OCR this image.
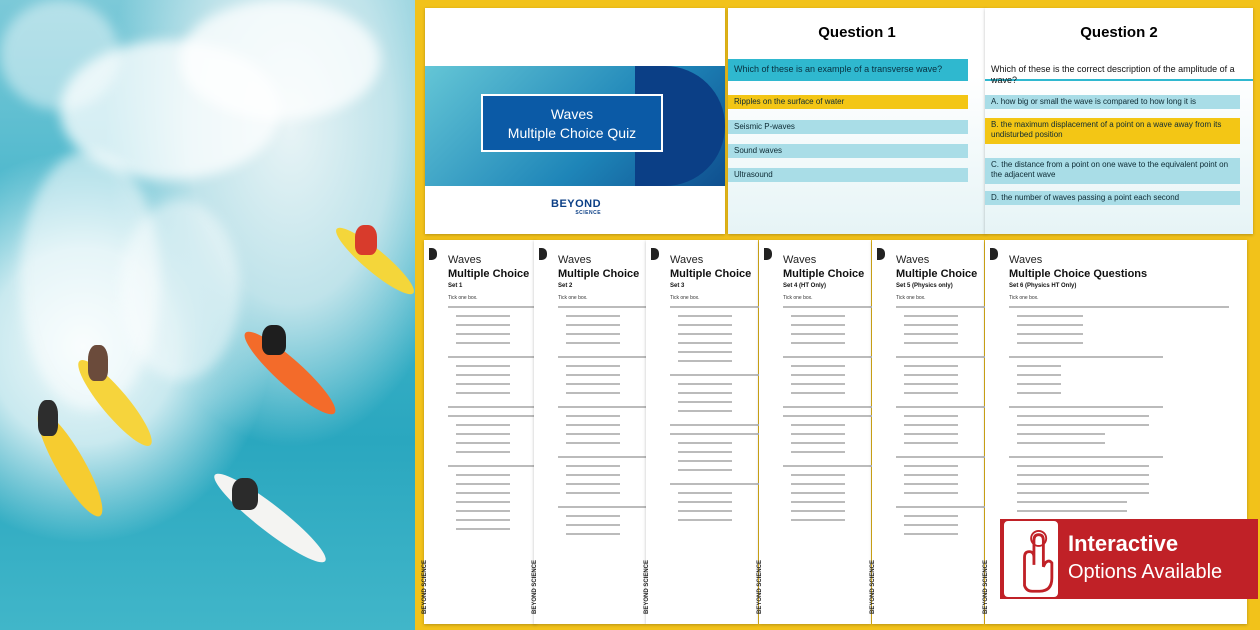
Waves
Multiple Choice Quiz
BEYOND
SCIENCE
Question 1
Which of these is an example of a transverse wave?
Ripples on the surface of water
Seismic P-waves
Sound waves
Ultrasound
Question 2
Which of these is the correct description of the amplitude of a wave?
A. how big or small the wave is compared to how long it is
B. the maximum displacement of a point on a wave away from its undisturbed position
C. the distance from a point on one wave to the equivalent point on the adjacent wave
D. the number of waves passing a point each second
Waves
Multiple Choice
Set 1
Tick one box.
BEYOND SCIENCE
Waves
Multiple Choice
Set 2
Tick one box.
BEYOND SCIENCE
Waves
Multiple Choice
Set 3
Tick one box.
BEYOND SCIENCE
Waves
Multiple Choice
Set 4 (HT Only)
Tick one box.
BEYOND SCIENCE
Waves
Multiple Choice
Set 5 (Physics only)
Tick one box.
BEYOND SCIENCE
Waves
Multiple Choice Questions
Set 6 (Physics HT Only)
Tick one box.
BEYOND SCIENCE
Interactive
Options Available
